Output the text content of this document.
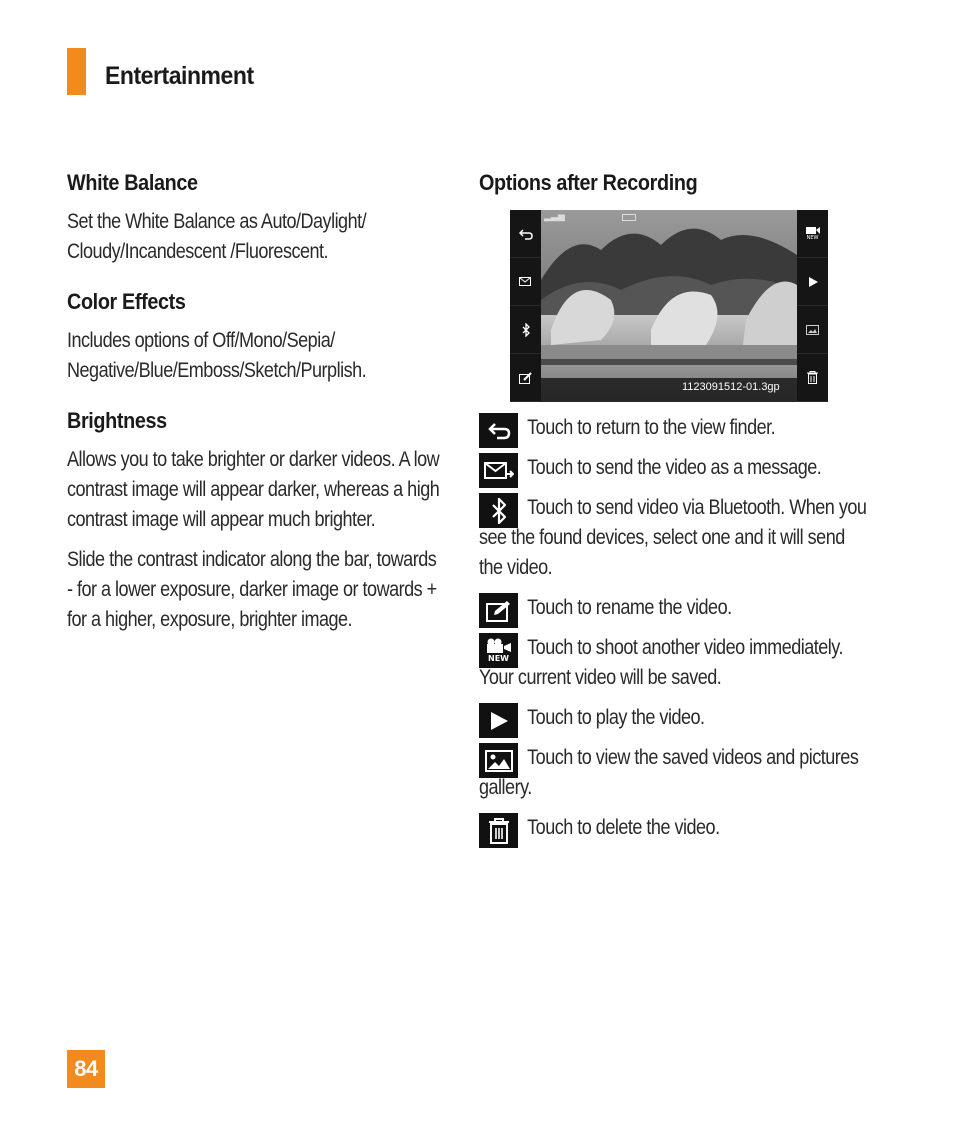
Entertainment
White Balance

Set the White Balance as Auto/Daylight/ Cloudy/Incandescent /Fluorescent.

Color Effects

Includes options of Off/Mono/Sepia/ Negative/Blue/Emboss/Sketch/Purplish.

Brightness

Allows you to take brighter or darker videos. A low contrast image will appear darker, whereas a high contrast image will appear much brighter.

Slide the contrast indicator along the bar, towards - for a lower exposure, darker image or towards + for a higher, exposure, brighter image.

Options after Recording
▂▃▅
NEW
1123091512-01.3gp

Touch to return to the view finder.

Touch to send the video as a message.

Touch to send video via Bluetooth. When you see the found devices, select one and it will send the video.

Touch to rename the video.

NEW Touch to shoot another video immediately. Your current video will be saved.

Touch to play the video.

Touch to view the saved videos and pictures gallery.

Touch to delete the video.

84
